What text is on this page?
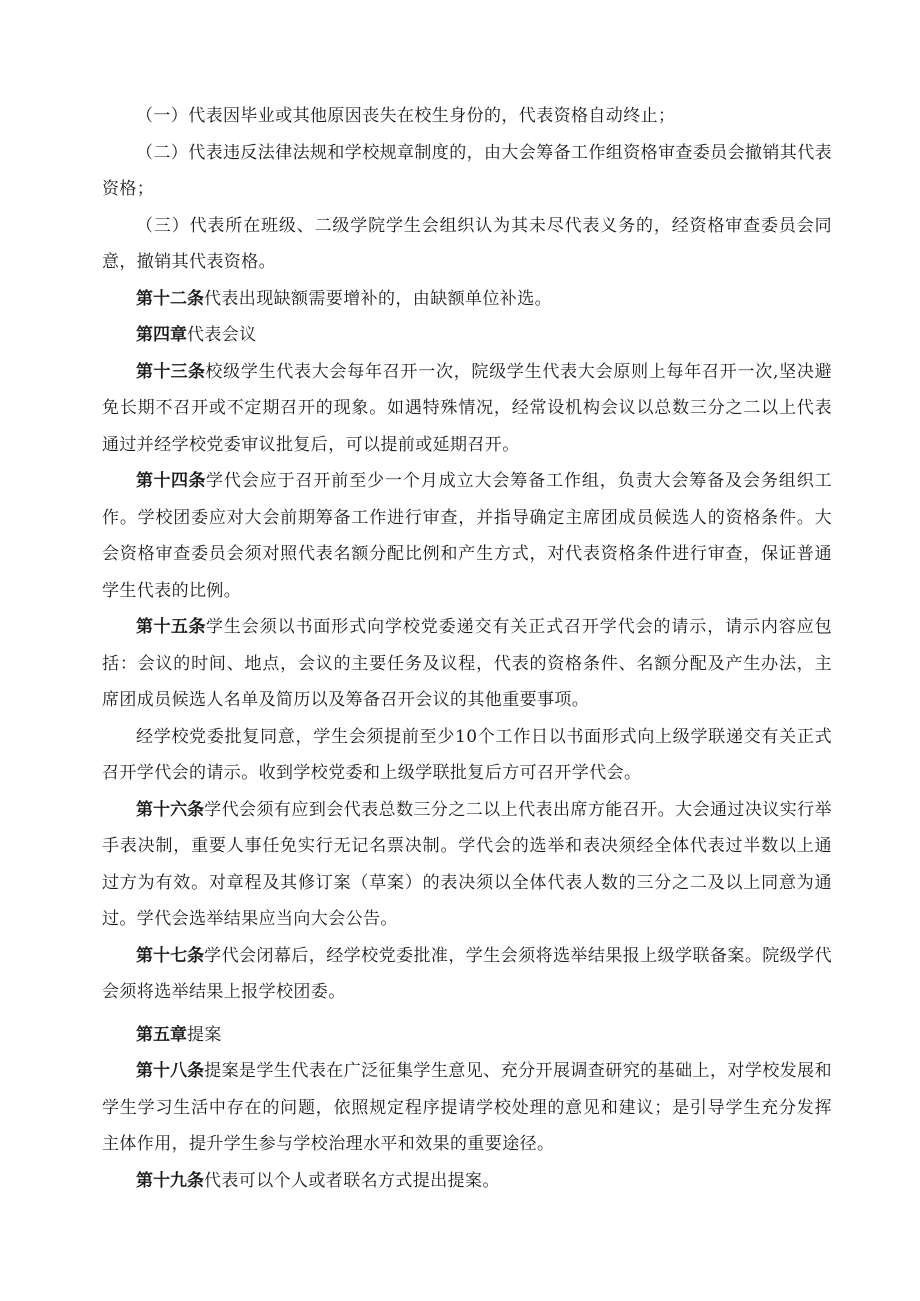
（一）代表因毕业或其他原因丧失在校生身份的，代表资格自动终止；

（二）代表违反法律法规和学校规章制度的，由大会筹备工作组资格审查委员会撤销其代表资格；

（三）代表所在班级、二级学院学生会组织认为其未尽代表义务的，经资格审查委员会同意，撤销其代表资格。

第十二条代表出现缺额需要增补的，由缺额单位补选。

第四章代表会议

第十三条校级学生代表大会每年召开一次，院级学生代表大会原则上每年召开一次,坚决避免长期不召开或不定期召开的现象。如遇特殊情况，经常设机构会议以总数三分之二以上代表通过并经学校党委审议批复后，可以提前或延期召开。

第十四条学代会应于召开前至少一个月成立大会筹备工作组，负责大会筹备及会务组织工作。学校团委应对大会前期筹备工作进行审查，并指导确定主席团成员候选人的资格条件。大会资格审查委员会须对照代表名额分配比例和产生方式，对代表资格条件进行审查，保证普通学生代表的比例。

第十五条学生会须以书面形式向学校党委递交有关正式召开学代会的请示，请示内容应包括：会议的时间、地点，会议的主要任务及议程，代表的资格条件、名额分配及产生办法，主席团成员候选人名单及简历以及筹备召开会议的其他重要事项。

经学校党委批复同意，学生会须提前至少10个工作日以书面形式向上级学联递交有关正式召开学代会的请示。收到学校党委和上级学联批复后方可召开学代会。

第十六条学代会须有应到会代表总数三分之二以上代表出席方能召开。大会通过决议实行举手表决制，重要人事任免实行无记名票决制。学代会的选举和表决须经全体代表过半数以上通过方为有效。对章程及其修订案（草案）的表决须以全体代表人数的三分之二及以上同意为通过。学代会选举结果应当向大会公告。

第十七条学代会闭幕后，经学校党委批准，学生会须将选举结果报上级学联备案。院级学代会须将选举结果上报学校团委。

第五章提案

第十八条提案是学生代表在广泛征集学生意见、充分开展调查研究的基础上，对学校发展和学生学习生活中存在的问题，依照规定程序提请学校处理的意见和建议；是引导学生充分发挥主体作用，提升学生参与学校治理水平和效果的重要途径。

第十九条代表可以个人或者联名方式提出提案。
